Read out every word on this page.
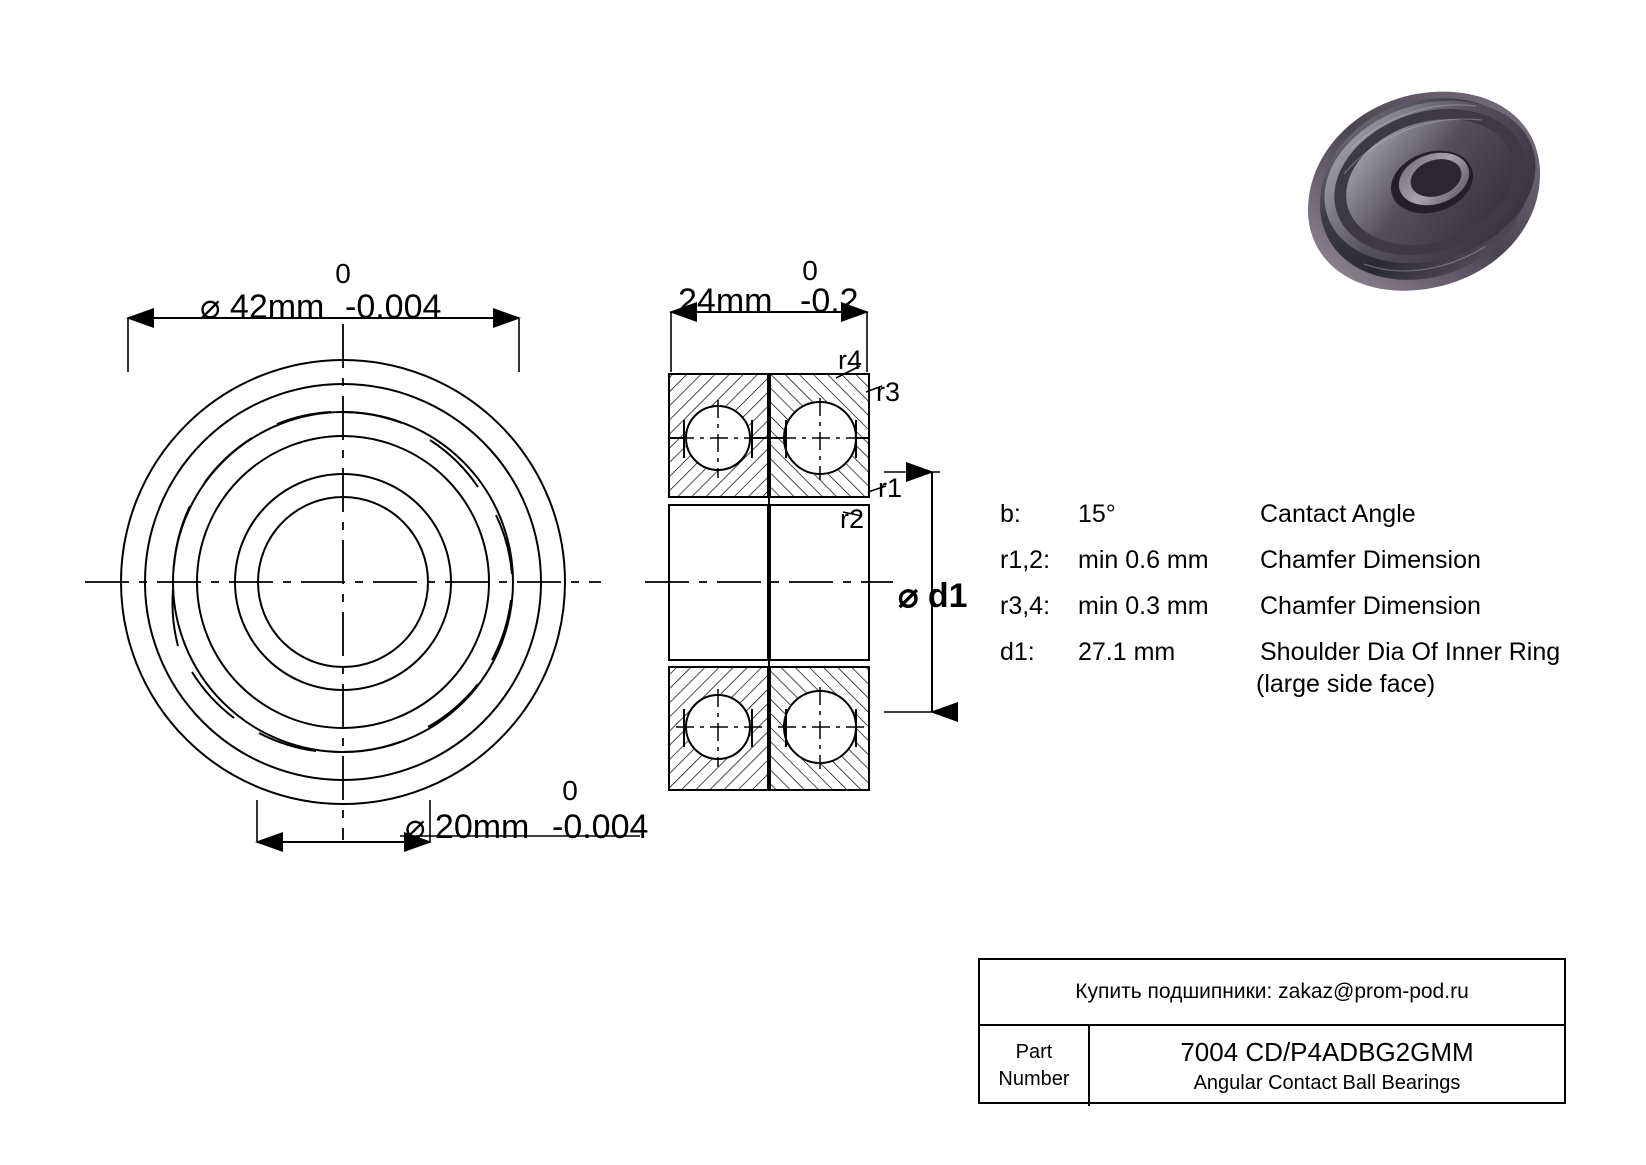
0
⌀ 42mm -0.004
0
⌀ 20mm -0.004
0
24mm -0.2
r4
r3
r1
r2
⌀ d1
b:	15°	Cantact Angle
r1,2:	min 0.6 mm	Chamfer Dimension
r3,4:	min 0.3 mm	Chamfer Dimension
d1:	27.1 mm	Shoulder Dia Of Inner Ring
(large side face)
Купить подшипники: zakaz@prom-pod.ru
Part
Number
7004 CD/P4ADBG2GMM
Angular Contact Ball Bearings
